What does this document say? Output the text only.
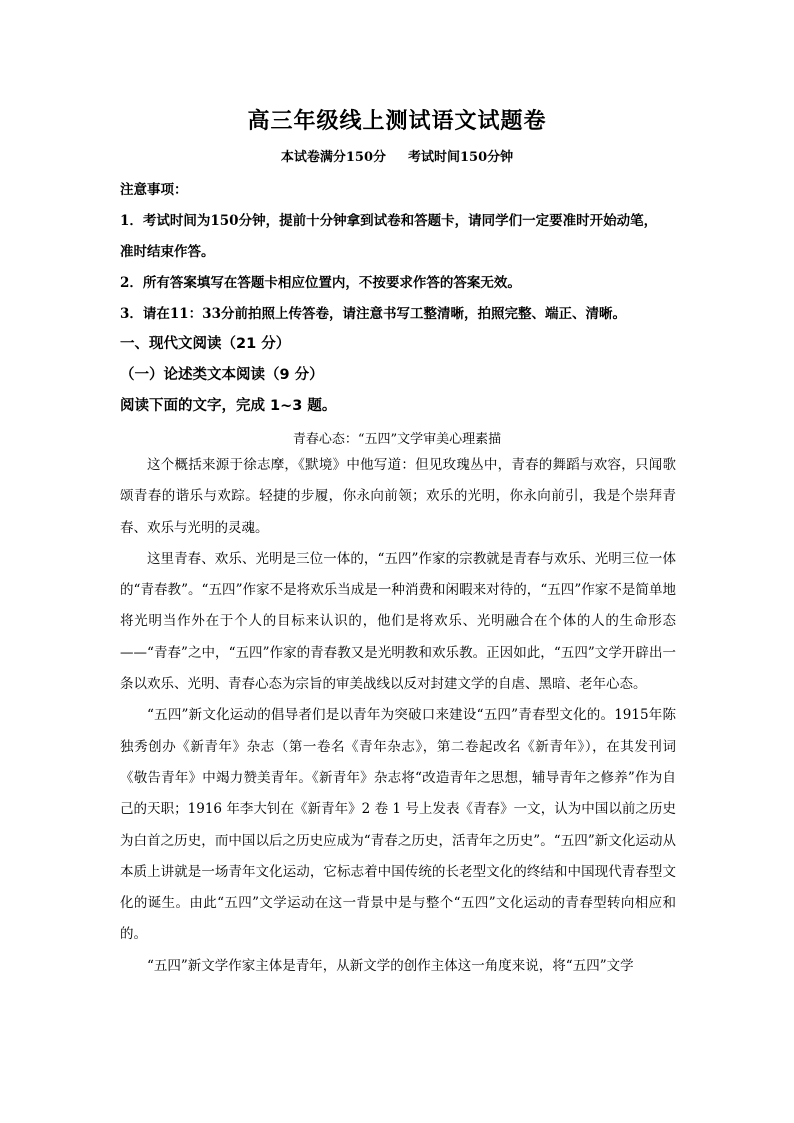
高三年级线上测试语文试题卷
本试卷满分150分 考试时间150分钟
注意事项：
1．考试时间为150分钟，提前十分钟拿到试卷和答题卡，请同学们一定要准时开始动笔，
准时结束作答。
2．所有答案填写在答题卡相应位置内，不按要求作答的答案无效。
3．请在11：33分前拍照上传答卷，请注意书写工整清晰，拍照完整、端正、清晰。
一、现代文阅读（21 分）
（一）论述类文本阅读（9 分）
阅读下面的文字，完成 1~3 题。
青春心态：“五四”文学审美心理素描

这个概括来源于徐志摩，《默境》中他写道：但见玫瑰丛中，青春的舞蹈与欢容，只闻歌颂青春的谐乐与欢踪。轻捷的步履，你永向前领；欢乐的光明，你永向前引，我是个崇拜青春、欢乐与光明的灵魂。

这里青春、欢乐、光明是三位一体的，“五四”作家的宗教就是青春与欢乐、光明三位一体的“青春教”。“五四”作家不是将欢乐当成是一种消费和闲暇来对待的，“五四”作家不是简单地将光明当作外在于个人的目标来认识的，他们是将欢乐、光明融合在个体的人的生命形态——“青春”之中，“五四”作家的青春教又是光明教和欢乐教。正因如此，“五四”文学开辟出一条以欢乐、光明、青春心态为宗旨的审美战线以反对封建文学的自虐、黑暗、老年心态。

“五四”新文化运动的倡导者们是以青年为突破口来建设“五四”青春型文化的。1915年陈独秀创办《新青年》杂志（第一卷名《青年杂志》，第二卷起改名《新青年》），在其发刊词《敬告青年》中竭力赞美青年。《新青年》杂志将“改造青年之思想，辅导青年之修养”作为自己的天职；1916 年李大钊在《新青年》2 卷 1 号上发表《青春》一文，认为中国以前之历史为白首之历史，而中国以后之历史应成为“青春之历史，活青年之历史”。“五四”新文化运动从本质上讲就是一场青年文化运动，它标志着中国传统的长老型文化的终结和中国现代青春型文化的诞生。由此“五四”文学运动在这一背景中是与整个“五四”文化运动的青春型转向相应和的。

“五四”新文学作家主体是青年，从新文学的创作主体这一角度来说，将“五四”文学
